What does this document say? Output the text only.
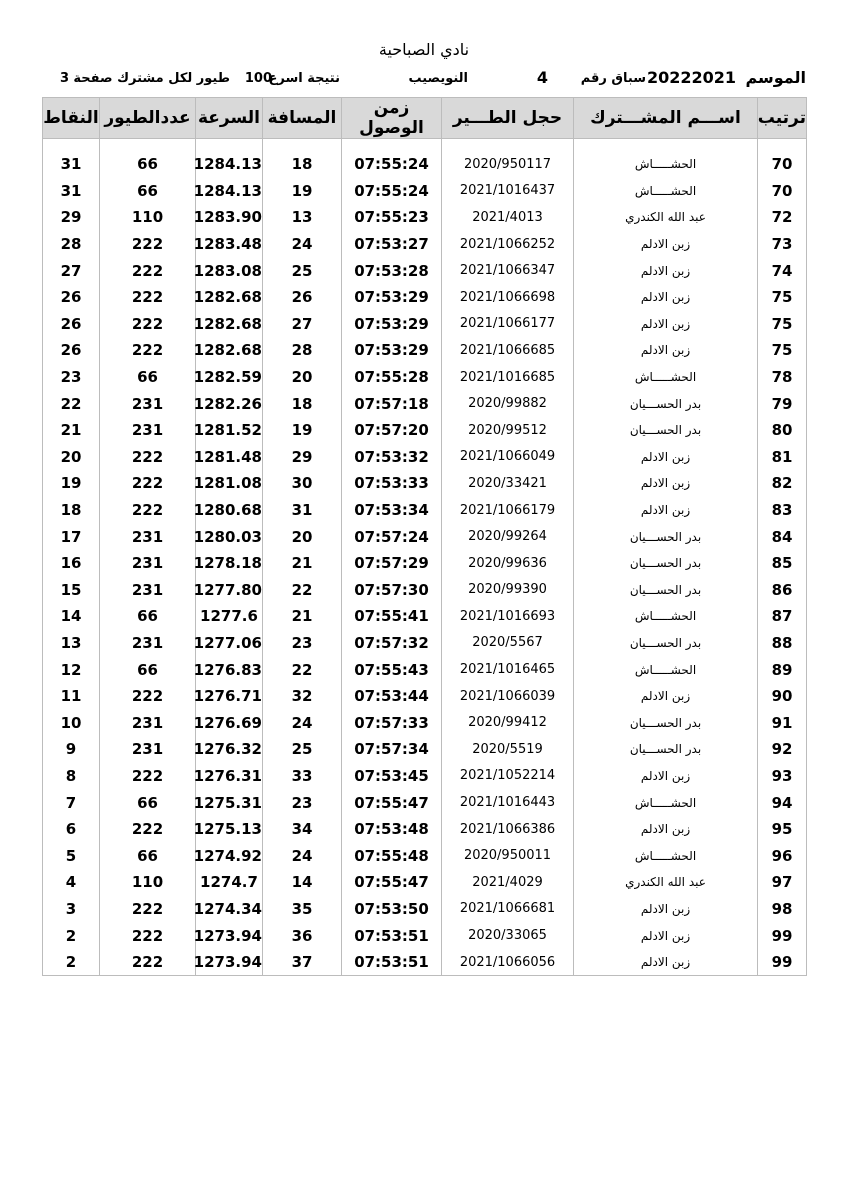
نادي الصباحية
الموسم
20222021
سباق رقم
4
النويصيب
نتيجة اسرع
100
طيور لكل مشترك صفحة
3
ترتيب	اســـم المشـــترك	حجل الطـــير	زمن الوصول	المسافة	السرعة	عددالطيور	النقاط

70	الحشـــــاش	2020/950117	07:55:24	18	1284.13	66	31
70	الحشـــــاش	2021/1016437	07:55:24	19	1284.13	66	31
72	عبد الله الكندري	2021/4013	07:55:23	13	1283.90	110	29
73	زبن الادلم	2021/1066252	07:53:27	24	1283.48	222	28
74	زبن الادلم	2021/1066347	07:53:28	25	1283.08	222	27
75	زبن الادلم	2021/1066698	07:53:29	26	1282.68	222	26
75	زبن الادلم	2021/1066177	07:53:29	27	1282.68	222	26
75	زبن الادلم	2021/1066685	07:53:29	28	1282.68	222	26
78	الحشـــــاش	2021/1016685	07:55:28	20	1282.59	66	23
79	بدر الحســـيان	2020/99882	07:57:18	18	1282.26	231	22
80	بدر الحســـيان	2020/99512	07:57:20	19	1281.52	231	21
81	زبن الادلم	2021/1066049	07:53:32	29	1281.48	222	20
82	زبن الادلم	2020/33421	07:53:33	30	1281.08	222	19
83	زبن الادلم	2021/1066179	07:53:34	31	1280.68	222	18
84	بدر الحســـيان	2020/99264	07:57:24	20	1280.03	231	17
85	بدر الحســـيان	2020/99636	07:57:29	21	1278.18	231	16
86	بدر الحســـيان	2020/99390	07:57:30	22	1277.80	231	15
87	الحشـــــاش	2021/1016693	07:55:41	21	1277.6	66	14
88	بدر الحســـيان	2020/5567	07:57:32	23	1277.06	231	13
89	الحشـــــاش	2021/1016465	07:55:43	22	1276.83	66	12
90	زبن الادلم	2021/1066039	07:53:44	32	1276.71	222	11
91	بدر الحســـيان	2020/99412	07:57:33	24	1276.69	231	10
92	بدر الحســـيان	2020/5519	07:57:34	25	1276.32	231	9
93	زبن الادلم	2021/1052214	07:53:45	33	1276.31	222	8
94	الحشـــــاش	2021/1016443	07:55:47	23	1275.31	66	7
95	زبن الادلم	2021/1066386	07:53:48	34	1275.13	222	6
96	الحشـــــاش	2020/950011	07:55:48	24	1274.92	66	5
97	عبد الله الكندري	2021/4029	07:55:47	14	1274.7	110	4
98	زبن الادلم	2021/1066681	07:53:50	35	1274.34	222	3
99	زبن الادلم	2020/33065	07:53:51	36	1273.94	222	2
99	زبن الادلم	2021/1066056	07:53:51	37	1273.94	222	2
